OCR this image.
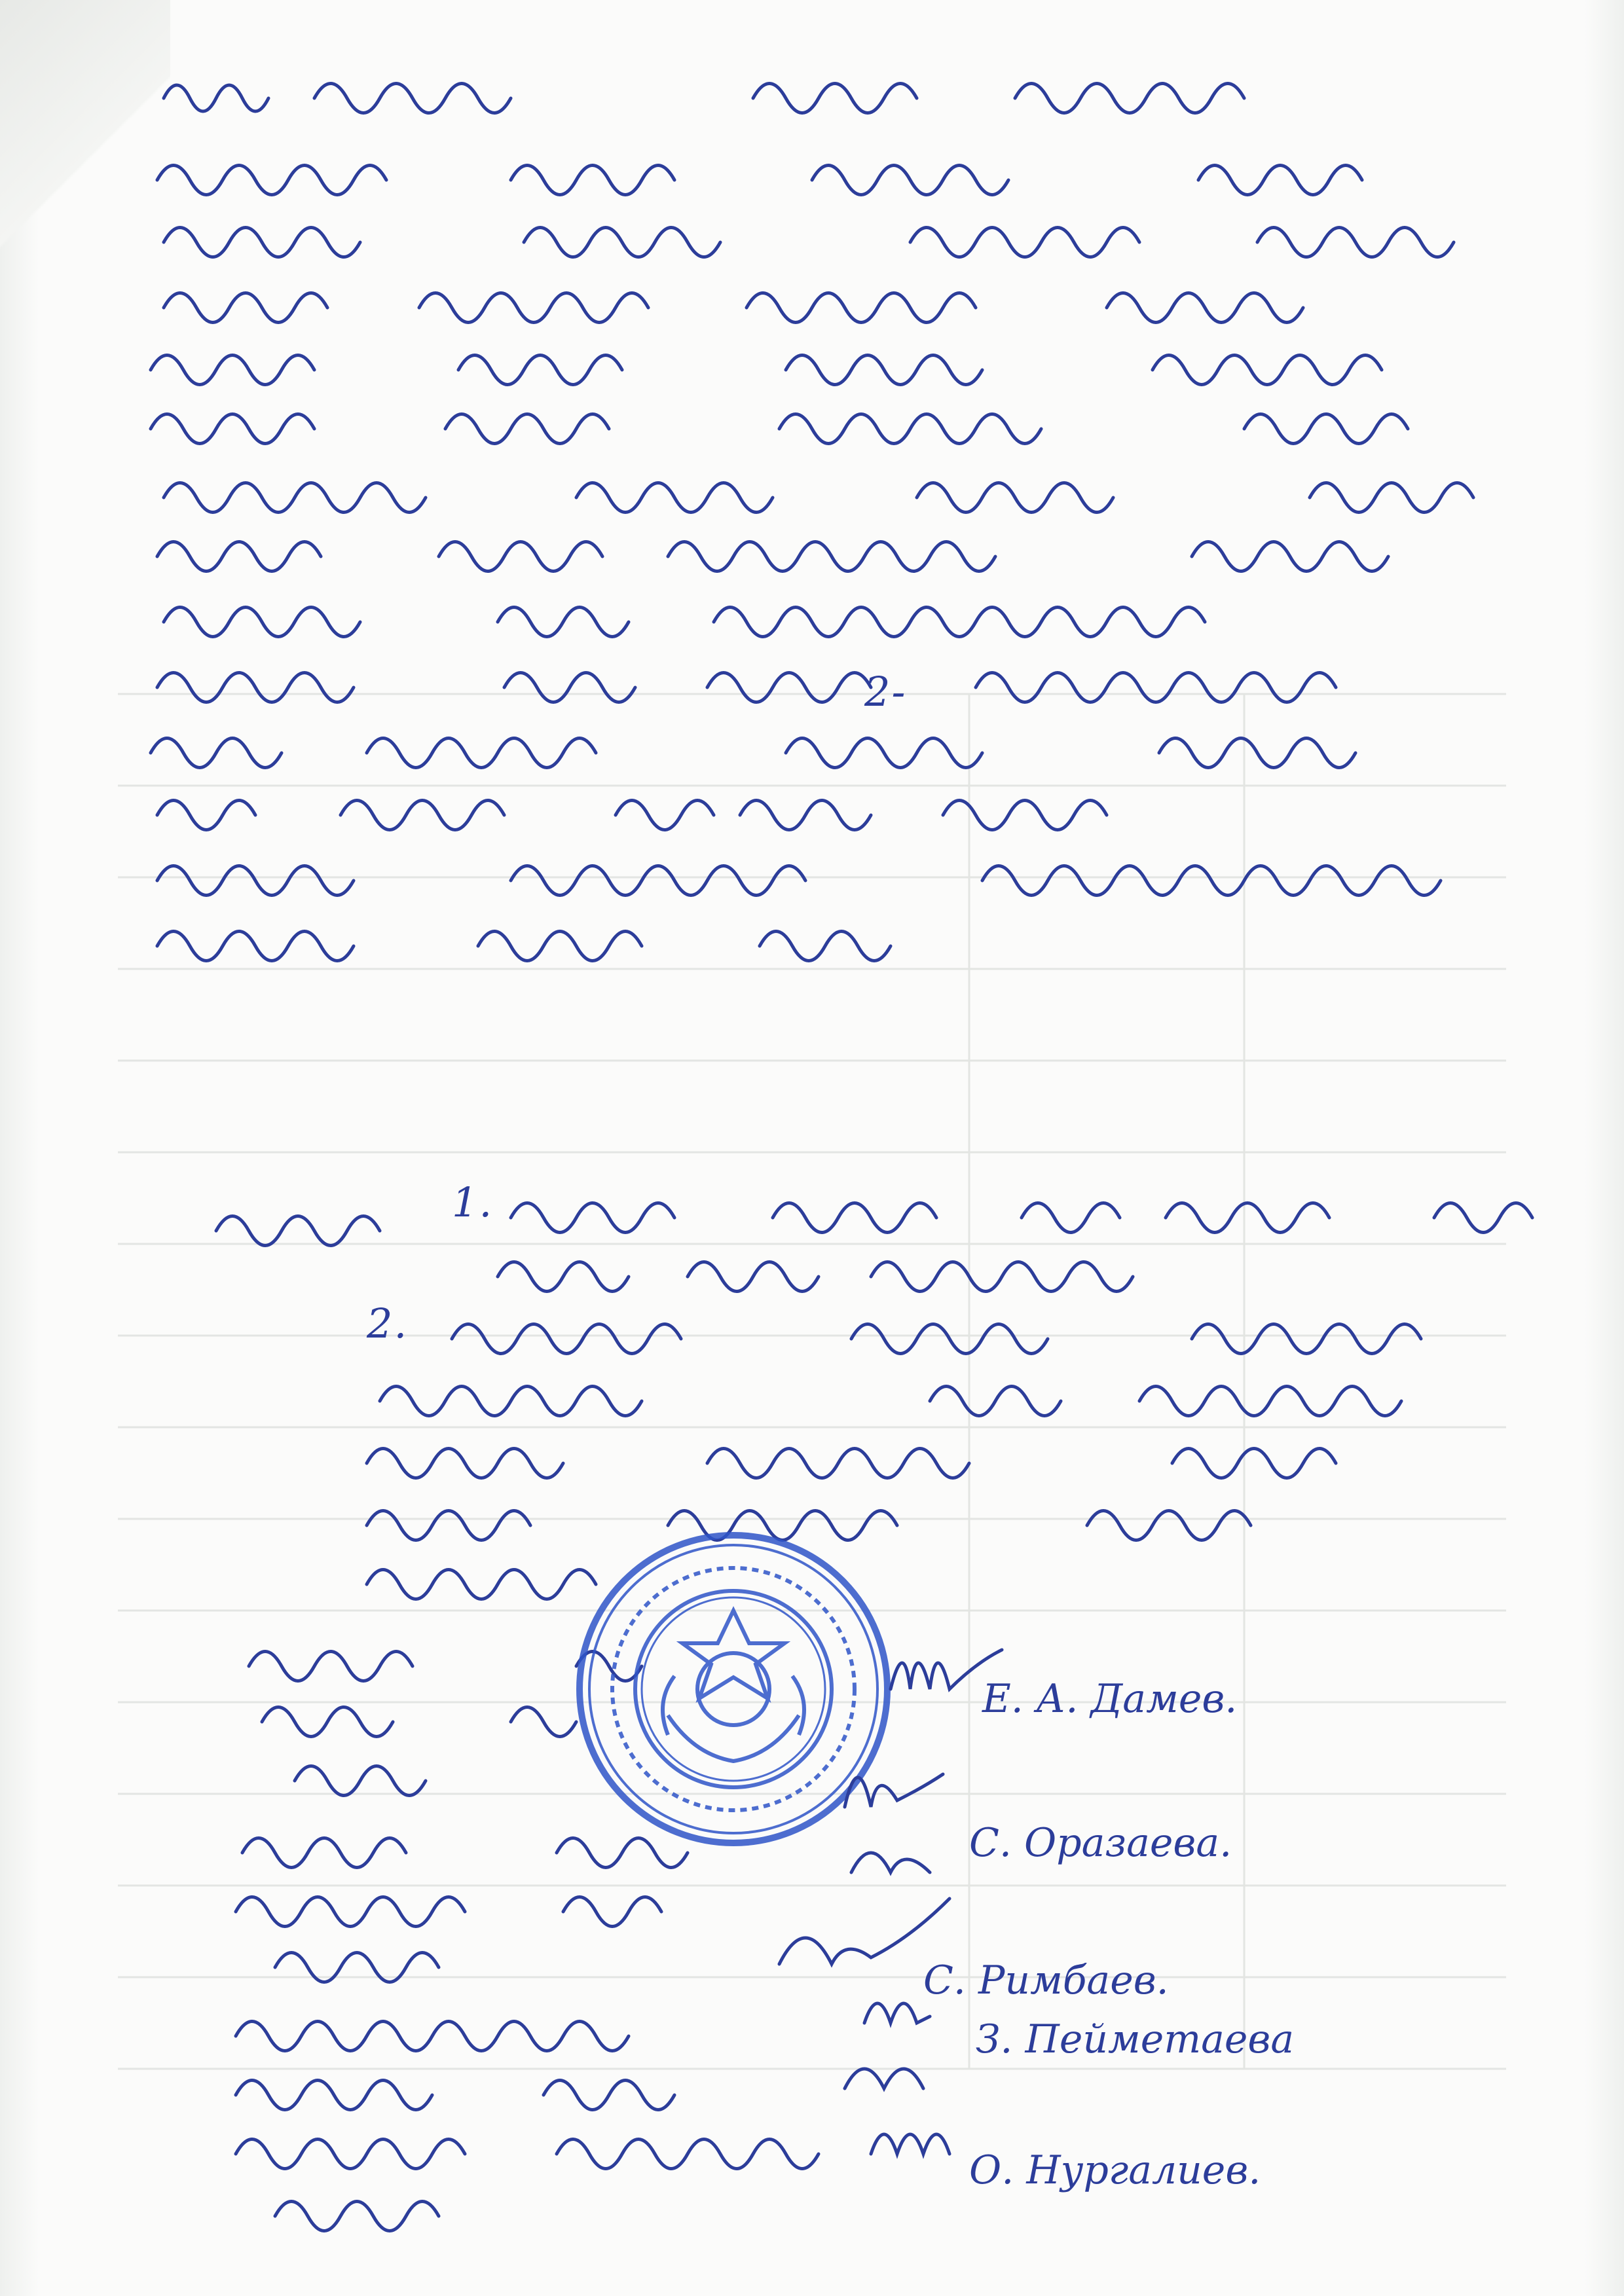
2-
1.
2.
Е. А. Дамев.
С. Оразаева.
С. Римбаев.
З. Пейметаева
О. Нургалиев.
